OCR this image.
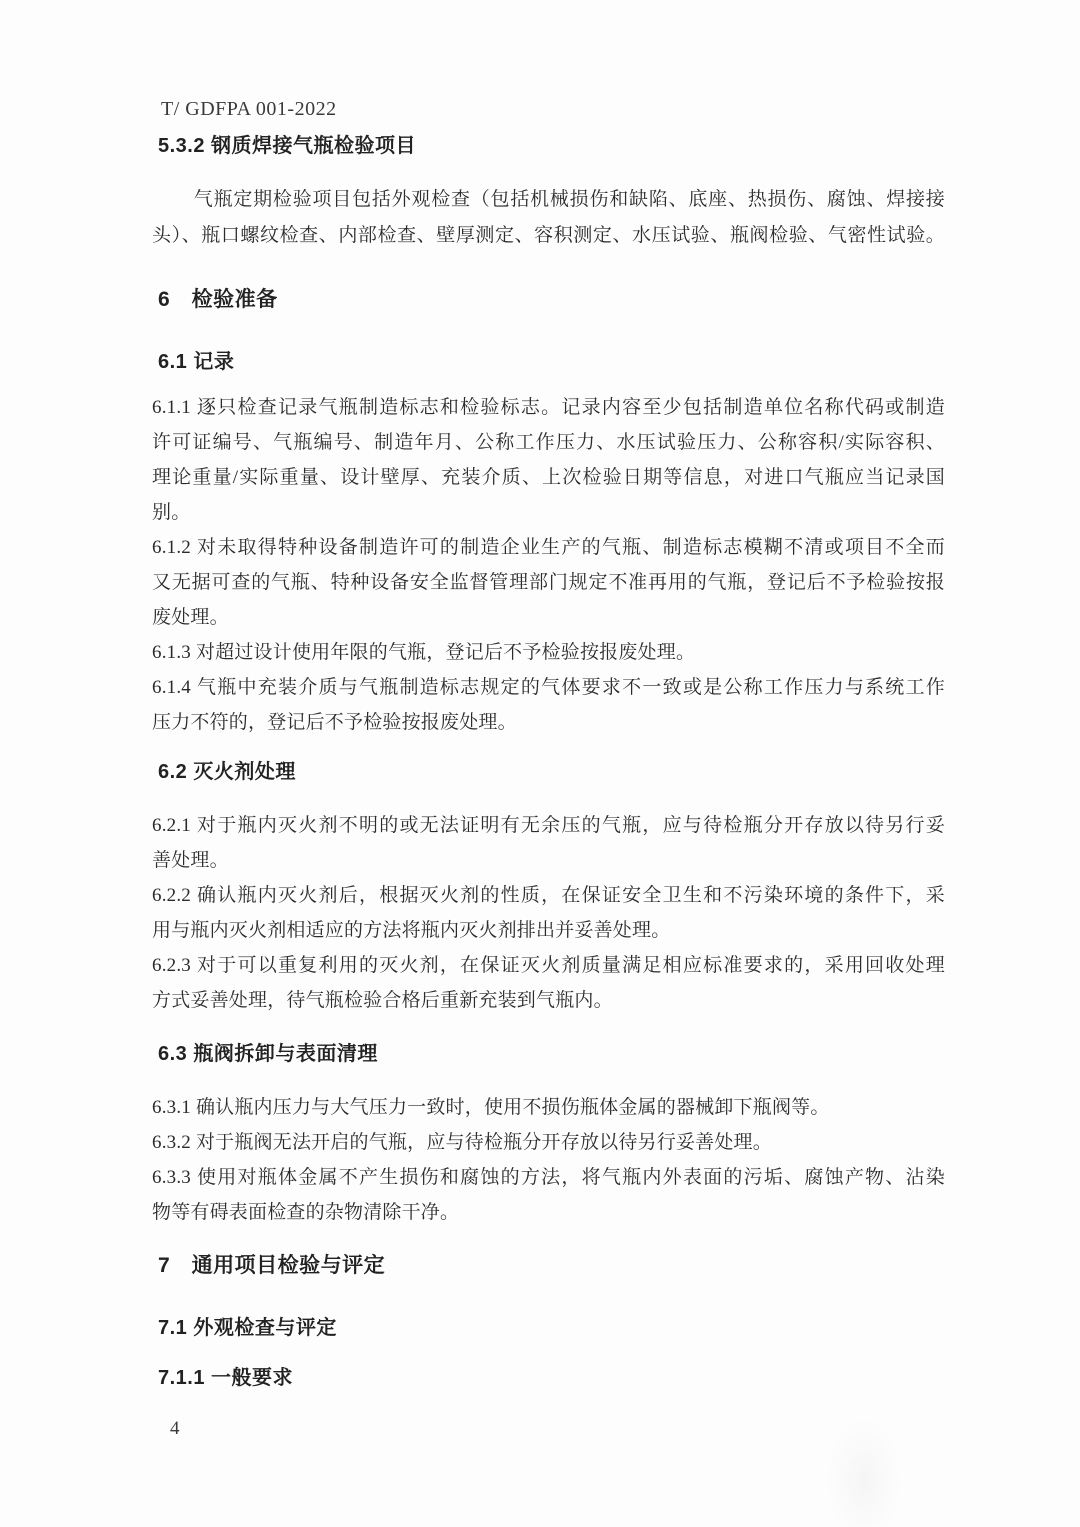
T/ GDFPA 001-2022
5.3.2 钢质焊接气瓶检验项目
气瓶定期检验项目包括外观检查（包括机械损伤和缺陷、底座、热损伤、腐蚀、焊接接
头）、瓶口螺纹检查、内部检查、壁厚测定、容积测定、水压试验、瓶阀检验、气密性试验。
6　检验准备
6.1 记录
6.1.1 逐只检查记录气瓶制造标志和检验标志。记录内容至少包括制造单位名称代码或制造
许可证编号、气瓶编号、制造年月、公称工作压力、水压试验压力、公称容积/实际容积、
理论重量/实际重量、设计壁厚、充装介质、上次检验日期等信息，对进口气瓶应当记录国
别。
6.1.2 对未取得特种设备制造许可的制造企业生产的气瓶、制造标志模糊不清或项目不全而
又无据可查的气瓶、特种设备安全监督管理部门规定不准再用的气瓶，登记后不予检验按报
废处理。
6.1.3 对超过设计使用年限的气瓶，登记后不予检验按报废处理。
6.1.4 气瓶中充装介质与气瓶制造标志规定的气体要求不一致或是公称工作压力与系统工作
压力不符的，登记后不予检验按报废处理。
6.2 灭火剂处理
6.2.1 对于瓶内灭火剂不明的或无法证明有无余压的气瓶，应与待检瓶分开存放以待另行妥
善处理。
6.2.2 确认瓶内灭火剂后，根据灭火剂的性质，在保证安全卫生和不污染环境的条件下，采
用与瓶内灭火剂相适应的方法将瓶内灭火剂排出并妥善处理。
6.2.3 对于可以重复利用的灭火剂，在保证灭火剂质量满足相应标准要求的，采用回收处理
方式妥善处理，待气瓶检验合格后重新充装到气瓶内。
6.3 瓶阀拆卸与表面清理
6.3.1 确认瓶内压力与大气压力一致时，使用不损伤瓶体金属的器械卸下瓶阀等。
6.3.2 对于瓶阀无法开启的气瓶，应与待检瓶分开存放以待另行妥善处理。
6.3.3 使用对瓶体金属不产生损伤和腐蚀的方法，将气瓶内外表面的污垢、腐蚀产物、沾染
物等有碍表面检查的杂物清除干净。
7　通用项目检验与评定
7.1 外观检查与评定
7.1.1 一般要求
4
